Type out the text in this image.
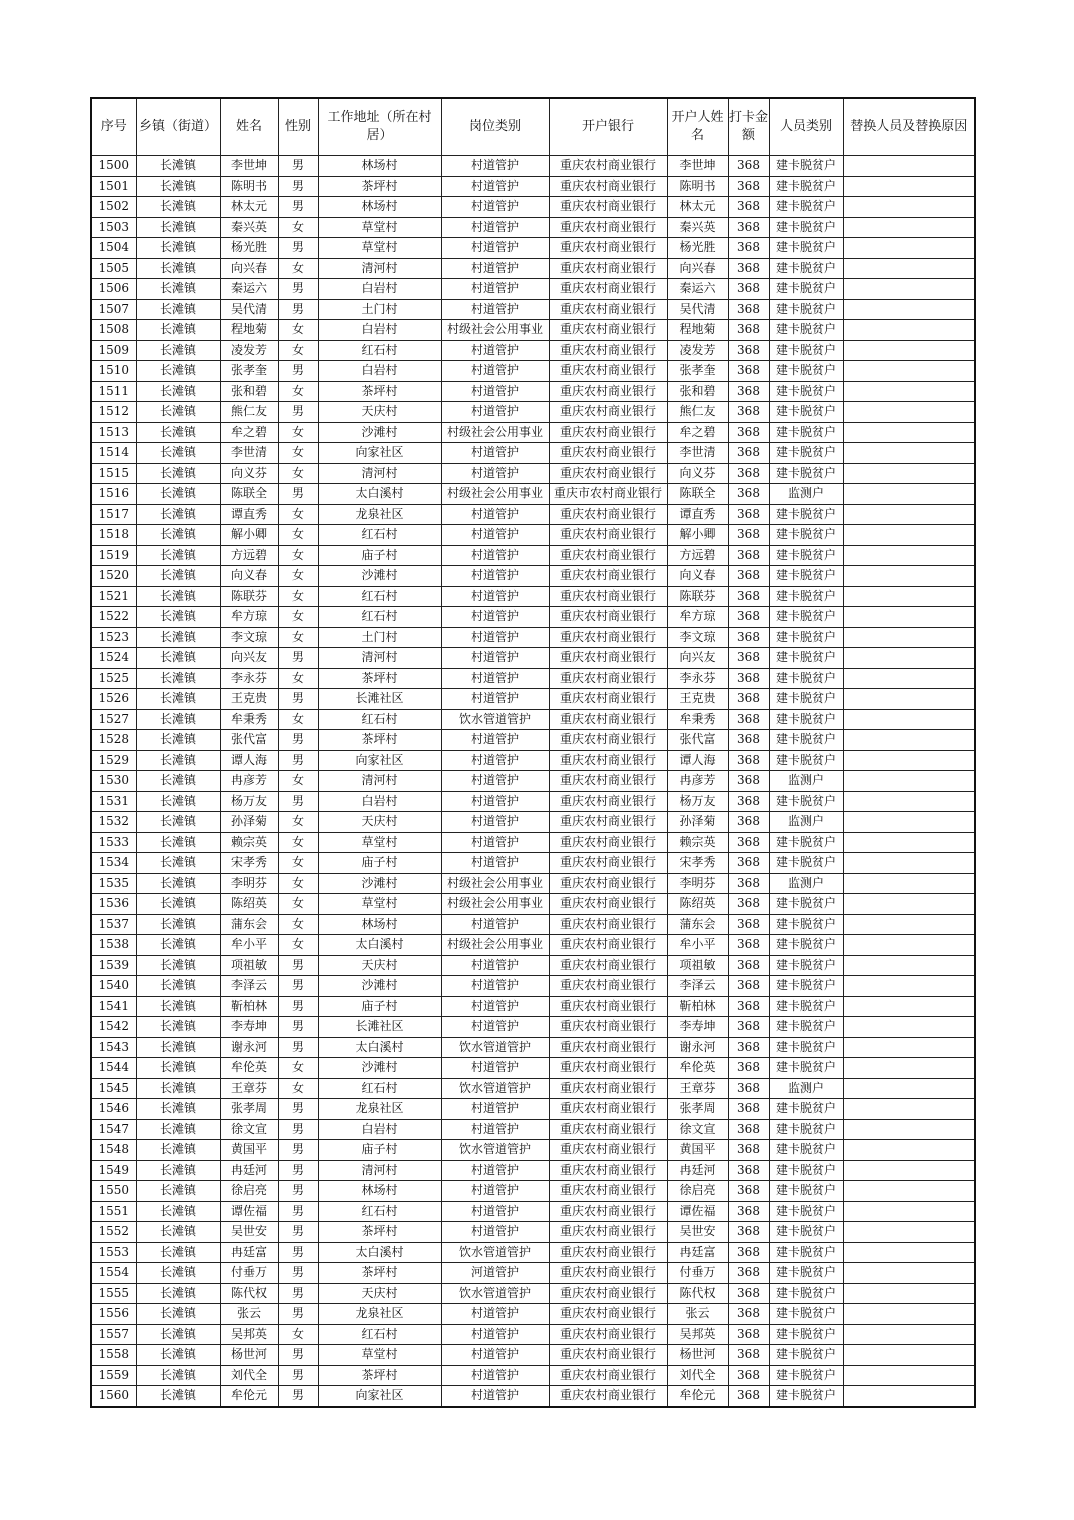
序号	乡镇（街道）	姓名	性别	工作地址（所在村居）	岗位类别	开户银行	开户人姓名	打卡金额	人员类别	替换人员及替换原因
1500	长滩镇	李世坤	男	林场村	村道管护	重庆农村商业银行	李世坤	368	建卡脱贫户	
1501	长滩镇	陈明书	男	茶坪村	村道管护	重庆农村商业银行	陈明书	368	建卡脱贫户	
1502	长滩镇	林太元	男	林场村	村道管护	重庆农村商业银行	林太元	368	建卡脱贫户	
1503	长滩镇	秦兴英	女	草堂村	村道管护	重庆农村商业银行	秦兴英	368	建卡脱贫户	
1504	长滩镇	杨光胜	男	草堂村	村道管护	重庆农村商业银行	杨光胜	368	建卡脱贫户	
1505	长滩镇	向兴春	女	清河村	村道管护	重庆农村商业银行	向兴春	368	建卡脱贫户	
1506	长滩镇	秦运六	男	白岩村	村道管护	重庆农村商业银行	秦运六	368	建卡脱贫户	
1507	长滩镇	吴代清	男	土门村	村道管护	重庆农村商业银行	吴代清	368	建卡脱贫户	
1508	长滩镇	程地菊	女	白岩村	村级社会公用事业	重庆农村商业银行	程地菊	368	建卡脱贫户	
1509	长滩镇	凌发芳	女	红石村	村道管护	重庆农村商业银行	凌发芳	368	建卡脱贫户	
1510	长滩镇	张孝奎	男	白岩村	村道管护	重庆农村商业银行	张孝奎	368	建卡脱贫户	
1511	长滩镇	张和碧	女	茶坪村	村道管护	重庆农村商业银行	张和碧	368	建卡脱贫户	
1512	长滩镇	熊仁友	男	天庆村	村道管护	重庆农村商业银行	熊仁友	368	建卡脱贫户	
1513	长滩镇	牟之碧	女	沙滩村	村级社会公用事业	重庆农村商业银行	牟之碧	368	建卡脱贫户	
1514	长滩镇	李世清	女	向家社区	村道管护	重庆农村商业银行	李世清	368	建卡脱贫户	
1515	长滩镇	向义芬	女	清河村	村道管护	重庆农村商业银行	向义芬	368	建卡脱贫户	
1516	长滩镇	陈联全	男	太白溪村	村级社会公用事业	重庆市农村商业银行	陈联全	368	监测户	
1517	长滩镇	谭直秀	女	龙泉社区	村道管护	重庆农村商业银行	谭直秀	368	建卡脱贫户	
1518	长滩镇	解小卿	女	红石村	村道管护	重庆农村商业银行	解小卿	368	建卡脱贫户	
1519	长滩镇	方远碧	女	庙子村	村道管护	重庆农村商业银行	方远碧	368	建卡脱贫户	
1520	长滩镇	向义春	女	沙滩村	村道管护	重庆农村商业银行	向义春	368	建卡脱贫户	
1521	长滩镇	陈联芬	女	红石村	村道管护	重庆农村商业银行	陈联芬	368	建卡脱贫户	
1522	长滩镇	牟方琼	女	红石村	村道管护	重庆农村商业银行	牟方琼	368	建卡脱贫户	
1523	长滩镇	李文琼	女	土门村	村道管护	重庆农村商业银行	李文琼	368	建卡脱贫户	
1524	长滩镇	向兴友	男	清河村	村道管护	重庆农村商业银行	向兴友	368	建卡脱贫户	
1525	长滩镇	李永芬	女	茶坪村	村道管护	重庆农村商业银行	李永芬	368	建卡脱贫户	
1526	长滩镇	王克贵	男	长滩社区	村道管护	重庆农村商业银行	王克贵	368	建卡脱贫户	
1527	长滩镇	牟秉秀	女	红石村	饮水管道管护	重庆农村商业银行	牟秉秀	368	建卡脱贫户	
1528	长滩镇	张代富	男	茶坪村	村道管护	重庆农村商业银行	张代富	368	建卡脱贫户	
1529	长滩镇	谭人海	男	向家社区	村道管护	重庆农村商业银行	谭人海	368	建卡脱贫户	
1530	长滩镇	冉彦芳	女	清河村	村道管护	重庆农村商业银行	冉彦芳	368	监测户	
1531	长滩镇	杨万友	男	白岩村	村道管护	重庆农村商业银行	杨万友	368	建卡脱贫户	
1532	长滩镇	孙泽菊	女	天庆村	村道管护	重庆农村商业银行	孙泽菊	368	监测户	
1533	长滩镇	赖宗英	女	草堂村	村道管护	重庆农村商业银行	赖宗英	368	建卡脱贫户	
1534	长滩镇	宋孝秀	女	庙子村	村道管护	重庆农村商业银行	宋孝秀	368	建卡脱贫户	
1535	长滩镇	李明芬	女	沙滩村	村级社会公用事业	重庆农村商业银行	李明芬	368	监测户	
1536	长滩镇	陈绍英	女	草堂村	村级社会公用事业	重庆农村商业银行	陈绍英	368	建卡脱贫户	
1537	长滩镇	蒲东会	女	林场村	村道管护	重庆农村商业银行	蒲东会	368	建卡脱贫户	
1538	长滩镇	牟小平	女	太白溪村	村级社会公用事业	重庆农村商业银行	牟小平	368	建卡脱贫户	
1539	长滩镇	项祖敏	男	天庆村	村道管护	重庆农村商业银行	项祖敏	368	建卡脱贫户	
1540	长滩镇	李泽云	男	沙滩村	村道管护	重庆农村商业银行	李泽云	368	建卡脱贫户	
1541	长滩镇	靳柏林	男	庙子村	村道管护	重庆农村商业银行	靳柏林	368	建卡脱贫户	
1542	长滩镇	李寿坤	男	长滩社区	村道管护	重庆农村商业银行	李寿坤	368	建卡脱贫户	
1543	长滩镇	谢永河	男	太白溪村	饮水管道管护	重庆农村商业银行	谢永河	368	建卡脱贫户	
1544	长滩镇	牟伦英	女	沙滩村	村道管护	重庆农村商业银行	牟伦英	368	建卡脱贫户	
1545	长滩镇	王章芬	女	红石村	饮水管道管护	重庆农村商业银行	王章芬	368	监测户	
1546	长滩镇	张孝周	男	龙泉社区	村道管护	重庆农村商业银行	张孝周	368	建卡脱贫户	
1547	长滩镇	徐文宣	男	白岩村	村道管护	重庆农村商业银行	徐文宣	368	建卡脱贫户	
1548	长滩镇	黄国平	男	庙子村	饮水管道管护	重庆农村商业银行	黄国平	368	建卡脱贫户	
1549	长滩镇	冉廷河	男	清河村	村道管护	重庆农村商业银行	冉廷河	368	建卡脱贫户	
1550	长滩镇	徐启亮	男	林场村	村道管护	重庆农村商业银行	徐启亮	368	建卡脱贫户	
1551	长滩镇	谭佐福	男	红石村	村道管护	重庆农村商业银行	谭佐福	368	建卡脱贫户	
1552	长滩镇	吴世安	男	茶坪村	村道管护	重庆农村商业银行	吴世安	368	建卡脱贫户	
1553	长滩镇	冉廷富	男	太白溪村	饮水管道管护	重庆农村商业银行	冉廷富	368	建卡脱贫户	
1554	长滩镇	付垂万	男	茶坪村	河道管护	重庆农村商业银行	付垂万	368	建卡脱贫户	
1555	长滩镇	陈代权	男	天庆村	饮水管道管护	重庆农村商业银行	陈代权	368	建卡脱贫户	
1556	长滩镇	张云	男	龙泉社区	村道管护	重庆农村商业银行	张云	368	建卡脱贫户	
1557	长滩镇	吴邦英	女	红石村	村道管护	重庆农村商业银行	吴邦英	368	建卡脱贫户	
1558	长滩镇	杨世河	男	草堂村	村道管护	重庆农村商业银行	杨世河	368	建卡脱贫户	
1559	长滩镇	刘代全	男	茶坪村	村道管护	重庆农村商业银行	刘代全	368	建卡脱贫户	
1560	长滩镇	牟伦元	男	向家社区	村道管护	重庆农村商业银行	牟伦元	368	建卡脱贫户	
